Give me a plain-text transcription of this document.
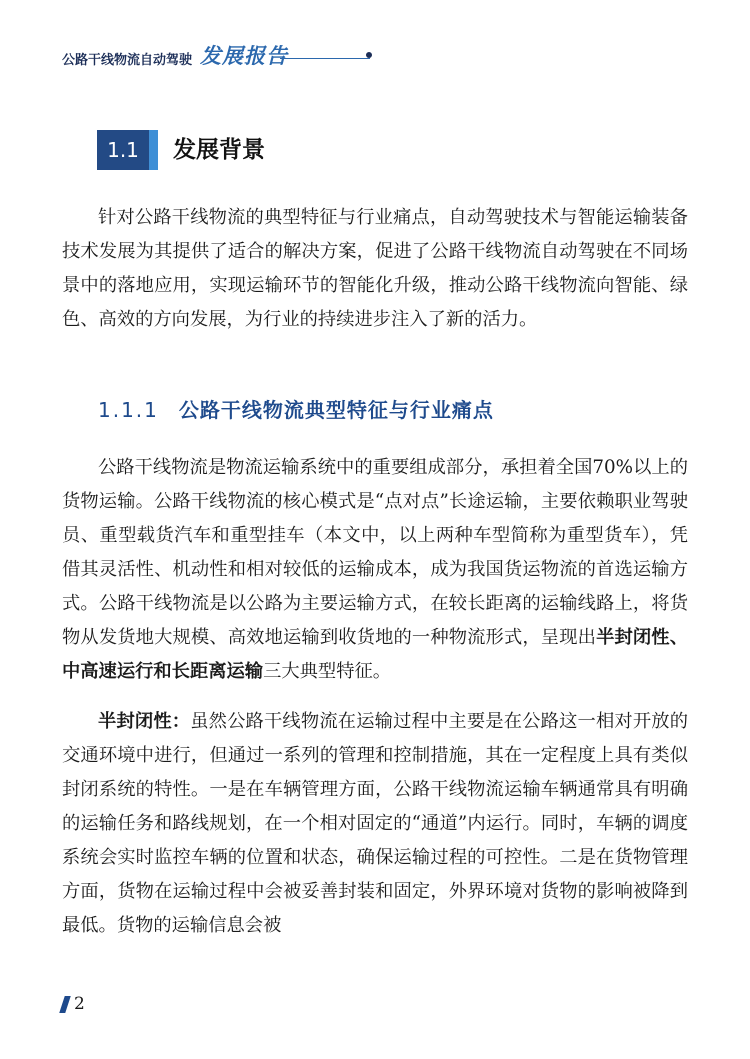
公路干线物流自动驾驶 发展报告
1.1 发展背景

针对公路干线物流的典型特征与行业痛点，自动驾驶技术与智能运输装备技术发展为其提供了适合的解决方案，促进了公路干线物流自动驾驶在不同场景中的落地应用，实现运输环节的智能化升级，推动公路干线物流向智能、绿色、高效的方向发展，为行业的持续进步注入了新的活力。

1.1.1 公路干线物流典型特征与行业痛点

公路干线物流是物流运输系统中的重要组成部分，承担着全国70%以上的货物运输。公路干线物流的核心模式是“点对点”长途运输，主要依赖职业驾驶员、重型载货汽车和重型挂车（本文中，以上两种车型简称为重型货车），凭借其灵活性、机动性和相对较低的运输成本，成为我国货运物流的首选运输方式。公路干线物流是以公路为主要运输方式，在较长距离的运输线路上，将货物从发货地大规模、高效地运输到收货地的一种物流形式，呈现出半封闭性、中高速运行和长距离运输三大典型特征。

半封闭性：虽然公路干线物流在运输过程中主要是在公路这一相对开放的交通环境中进行，但通过一系列的管理和控制措施，其在一定程度上具有类似封闭系统的特性。一是在车辆管理方面，公路干线物流运输车辆通常具有明确的运输任务和路线规划，在一个相对固定的“通道”内运行。同时，车辆的调度系统会实时监控车辆的位置和状态，确保运输过程的可控性。二是在货物管理方面，货物在运输过程中会被妥善封装和固定，外界环境对货物的影响被降到最低。货物的运输信息会被

2
